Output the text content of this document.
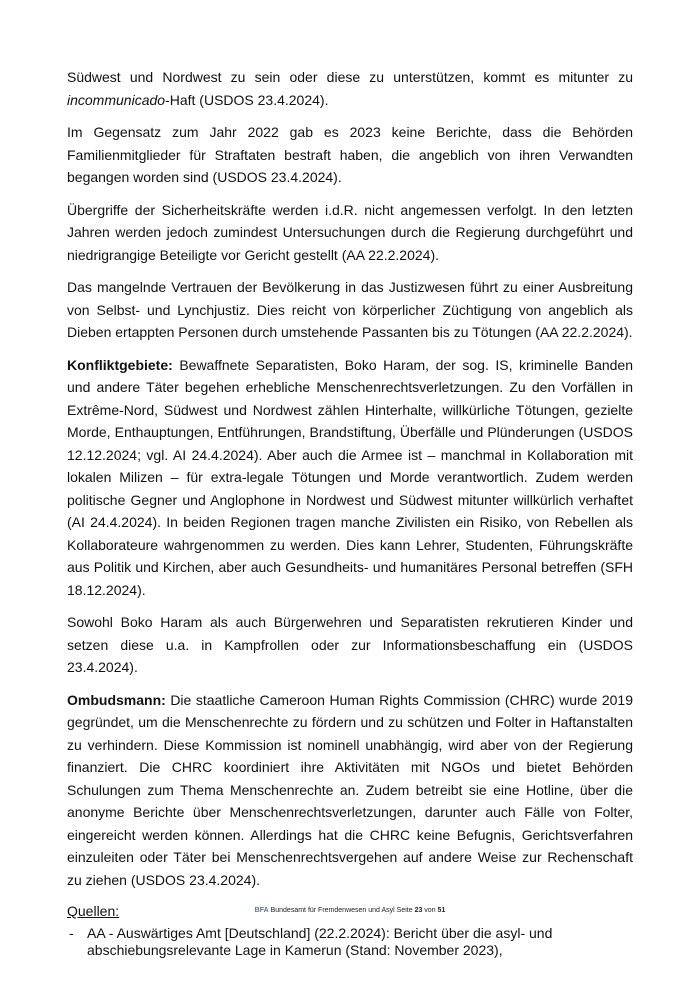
Südwest und Nordwest zu sein oder diese zu unterstützen, kommt es mitunter zu incommunicado-Haft (USDOS 23.4.2024).

Im Gegensatz zum Jahr 2022 gab es 2023 keine Berichte, dass die Behörden Familienmitglieder für Straftaten bestraft haben, die angeblich von ihren Verwandten begangen worden sind (USDOS 23.4.2024).

Übergriffe der Sicherheitskräfte werden i.d.R. nicht angemessen verfolgt. In den letzten Jahren werden jedoch zumindest Untersuchungen durch die Regierung durchgeführt und niedrigrangige Beteiligte vor Gericht gestellt (AA 22.2.2024).

Das mangelnde Vertrauen der Bevölkerung in das Justizwesen führt zu einer Ausbreitung von Selbst- und Lynchjustiz. Dies reicht von körperlicher Züchtigung von angeblich als Dieben ertappten Personen durch umstehende Passanten bis zu Tötungen (AA 22.2.2024).

Konfliktgebiete: Bewaffnete Separatisten, Boko Haram, der sog. IS, kriminelle Banden und andere Täter begehen erhebliche Menschenrechtsverletzungen. Zu den Vorfällen in Extrême-Nord, Südwest und Nordwest zählen Hinterhalte, willkürliche Tötungen, gezielte Morde, Enthauptungen, Entführungen, Brandstiftung, Überfälle und Plünderungen (USDOS 12.12.2024; vgl. AI 24.4.2024). Aber auch die Armee ist – manchmal in Kollaboration mit lokalen Milizen – für extra-legale Tötungen und Morde verantwortlich. Zudem werden politische Gegner und Anglophone in Nordwest und Südwest mitunter willkürlich verhaftet (AI 24.4.2024). In beiden Regionen tragen manche Zivilisten ein Risiko, von Rebellen als Kollaborateure wahrgenommen zu werden. Dies kann Lehrer, Studenten, Führungskräfte aus Politik und Kirchen, aber auch Gesundheits- und humanitäres Personal betreffen (SFH 18.12.2024).

Sowohl Boko Haram als auch Bürgerwehren und Separatisten rekrutieren Kinder und setzen diese u.a. in Kampfrollen oder zur Informationsbeschaffung ein (USDOS 23.4.2024).

Ombudsmann: Die staatliche Cameroon Human Rights Commission (CHRC) wurde 2019 gegründet, um die Menschenrechte zu fördern und zu schützen und Folter in Haftanstalten zu verhindern. Diese Kommission ist nominell unabhängig, wird aber von der Regierung finanziert. Die CHRC koordiniert ihre Aktivitäten mit NGOs und bietet Behörden Schulungen zum Thema Menschenrechte an. Zudem betreibt sie eine Hotline, über die anonyme Berichte über Menschenrechtsverletzungen, darunter auch Fälle von Folter, eingereicht werden können. Allerdings hat die CHRC keine Befugnis, Gerichtsverfahren einzuleiten oder Täter bei Menschenrechtsvergehen auf andere Weise zur Rechenschaft zu ziehen (USDOS 23.4.2024).

Quellen:
- AA - Auswärtiges Amt [Deutschland] (22.2.2024): Bericht über die asyl- und abschiebungsrelevante Lage in Kamerun (Stand: November 2023),
BFA Bundesamt für Fremdenwesen und Asyl Seite 23 von 51
